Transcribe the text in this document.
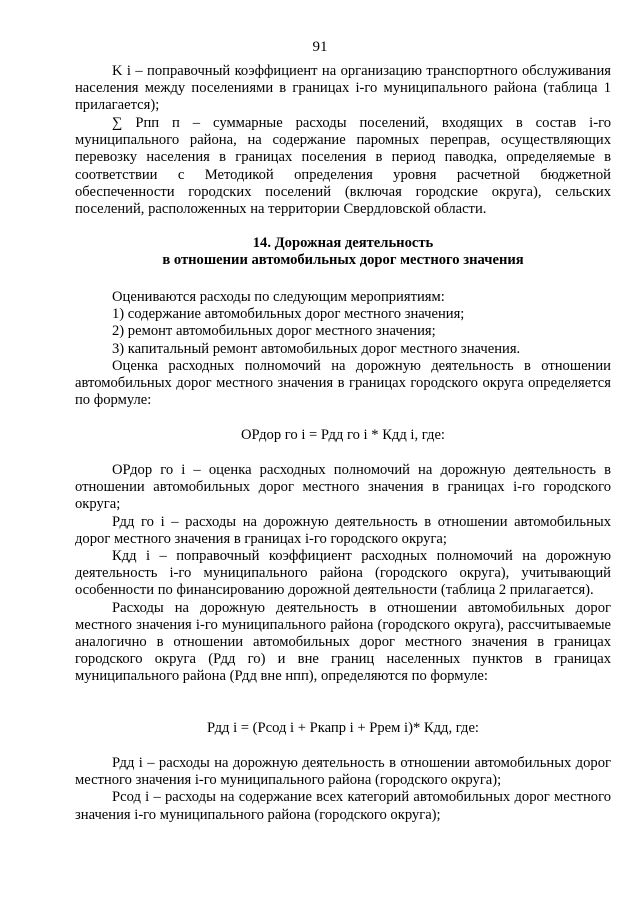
91

K i – поправочный коэффициент на организацию транспортного обслуживания населения между поселениями в границах i-го муниципального района (таблица 1 прилагается);

∑ Рпп п – суммарные расходы поселений, входящих в состав i-го муниципального района, на содержание паромных переправ, осуществляющих перевозку населения в границах поселения в период паводка, определяемые в соответствии с Методикой определения уровня расчетной бюджетной обеспеченности городских поселений (включая городские округа), сельских поселений, расположенных на территории Свердловской области.

14. Дорожная деятельность

в отношении автомобильных дорог местного значения

Оцениваются расходы по следующим мероприятиям:

1) содержание автомобильных дорог местного значения;

2) ремонт автомобильных дорог местного значения;

3) капитальный ремонт автомобильных дорог местного значения.

Оценка расходных полномочий на дорожную деятельность в отношении автомобильных дорог местного значения в границах городского округа определяется по формуле:

ОРдор го i = Рдд го i * Кдд i, где:

ОРдор го i – оценка расходных полномочий на дорожную деятельность в отношении автомобильных дорог местного значения в границах i-го городского округа;

Рдд го i – расходы на дорожную деятельность в отношении автомобильных дорог местного значения в границах i-го городского округа;

Кдд i – поправочный коэффициент расходных полномочий на дорожную деятельность i-го муниципального района (городского округа), учитывающий особенности по финансированию дорожной деятельности (таблица 2 прилагается).

Расходы на дорожную деятельность в отношении автомобильных дорог местного значения i-го муниципального района (городского округа), рассчитываемые аналогично в отношении автомобильных дорог местного значения в границах городского округа (Рдд го) и вне границ населенных пунктов в границах муниципального района (Рдд вне нпп), определяются по формуле:

Рдд i = (Рсод i + Ркапр i + Ррем i)* Кдд, где:

Рдд i – расходы на дорожную деятельность в отношении автомобильных дорог местного значения i-го муниципального района (городского округа);

Рсод i – расходы на содержание всех категорий автомобильных дорог местного значения i-го муниципального района (городского округа);
